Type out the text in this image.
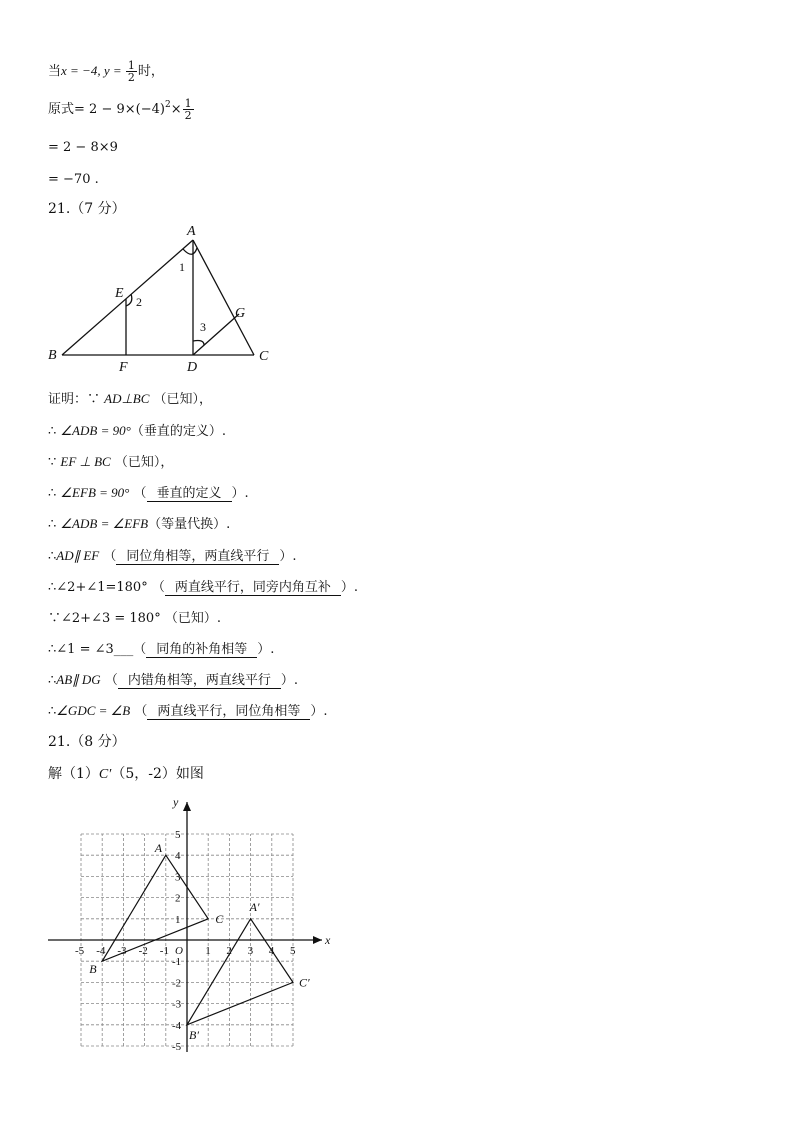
当x = −4, $y = \frac{1}{2}$ 时，
原式= $2 - 9\times(-4)^2\times \frac{1}{2}$
= 2 − 8×9
= −70 .
21.（7 分）
A
B	C
D
E
F
G
1
2
3
证明：∵ AD⊥BC （已知），
∴ ∠ADB = 90°（垂直的定义）.
∵ EF ⊥ BC （已知），
∴ ∠EFB = 90° （ 垂直的定义 ）.
∴ ∠ADB = ∠EFB（等量代换）.
∴AD∥ EF （ 同位角相等，两直线平行 ）.
∴∠2+∠1=180° （ 两直线平行，同旁内角互补 ）.
∵∠2+∠3 = 180° （已知）.
∴∠1 = ∠3___（ 同角的补角相等 ）.
∴AB∥ DG （ 内错角相等，两直线平行 ）.
∴∠GDC = ∠B （ 两直线平行，同位角相等 ）.
21.（8 分）
解（1）C′（5，-2）如图
x
y
O
-5 -4 -3 -2 -1	1 2 3 4 5
-5
-4
-3
-2
-1
1
2
3
4
5
A
B
C
A′
B′
C′
